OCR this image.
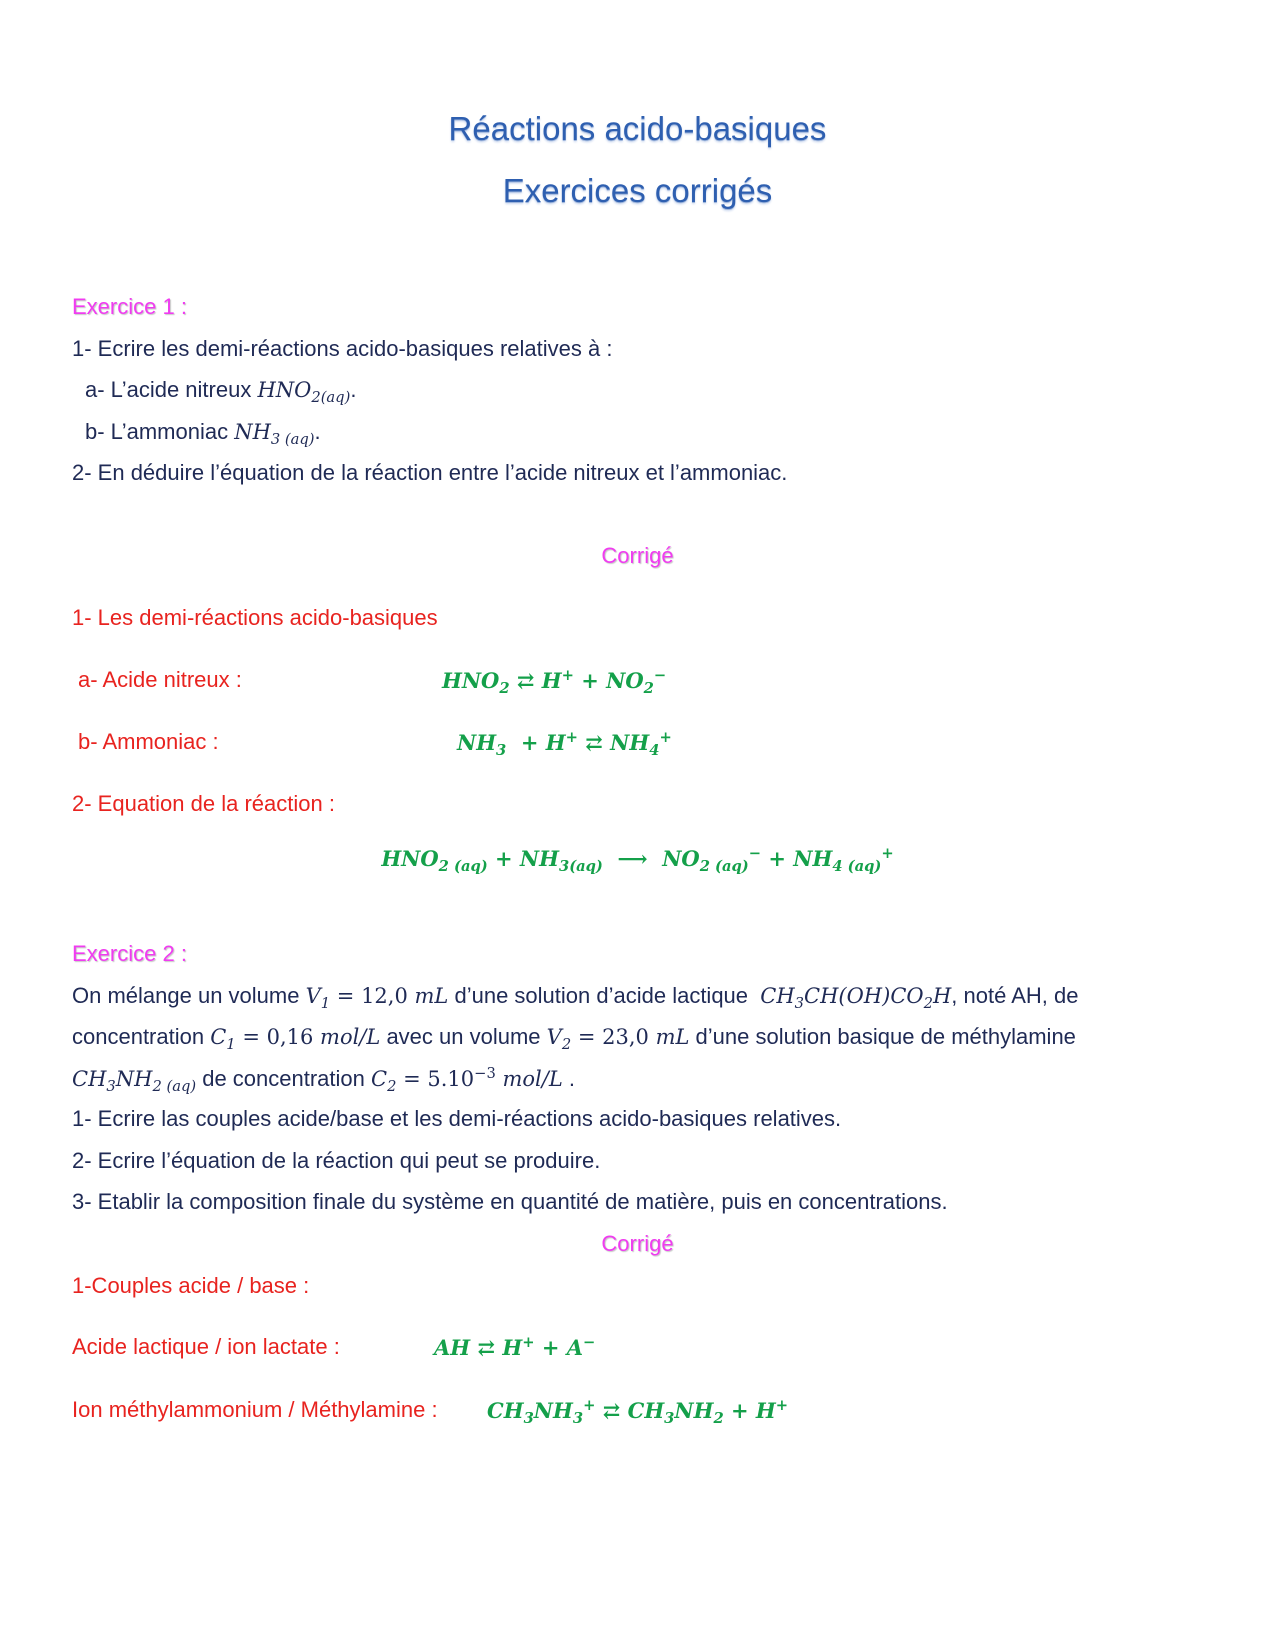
Réactions acido-basiques
Exercices corrigés
Exercice 1 :
1- Ecrire les demi-réactions acido-basiques relatives à :
a- L’acide nitreux $HNO_{2(aq)}$.
b- L’ammoniac $NH_{3 (aq)}$.
2- En déduire l’équation de la réaction entre l’acide nitreux et l’ammoniac.
Corrigé
1- Les demi-réactions acido-basiques
a- Acide nitreux :	$HNO_2$ ⇄ $H^+ + NO_2^-$
b- Ammoniac :	$NH_3 + H^+$ ⇄ $NH_4^+$
2- Equation de la réaction :
$HNO_{2 (aq)} + NH_{3(aq)}$  ⟶  $NO_{2 (aq)}^- + NH_{4 (aq)}^+$
Exercice 2 :
On mélange un volume $V_1 = 12,0$ mL d’une solution d’acide lactique  $CH_3CH(OH)CO_2H$, noté AH, de
concentration $C_1 = 0,16$ mol/L avec un volume $V_2 = 23,0$ mL d’une solution basique de méthylamine
$CH_3NH_{2 (aq)}$ de concentration $C_2 = 5.10^{-3}$ mol/L .
1- Ecrire las couples acide/base et les demi-réactions acido-basiques relatives.
2- Ecrire l’équation de la réaction qui peut se produire.
3- Etablir la composition finale du système en quantité de matière, puis en concentrations.
Corrigé
1-Couples acide / base :
Acide lactique / ion lactate :	AH ⇄ H+ + A−
Ion méthylammonium / Méthylamine : $CH_3NH_3^+$ ⇄ $CH_3NH_2 + H^+$
